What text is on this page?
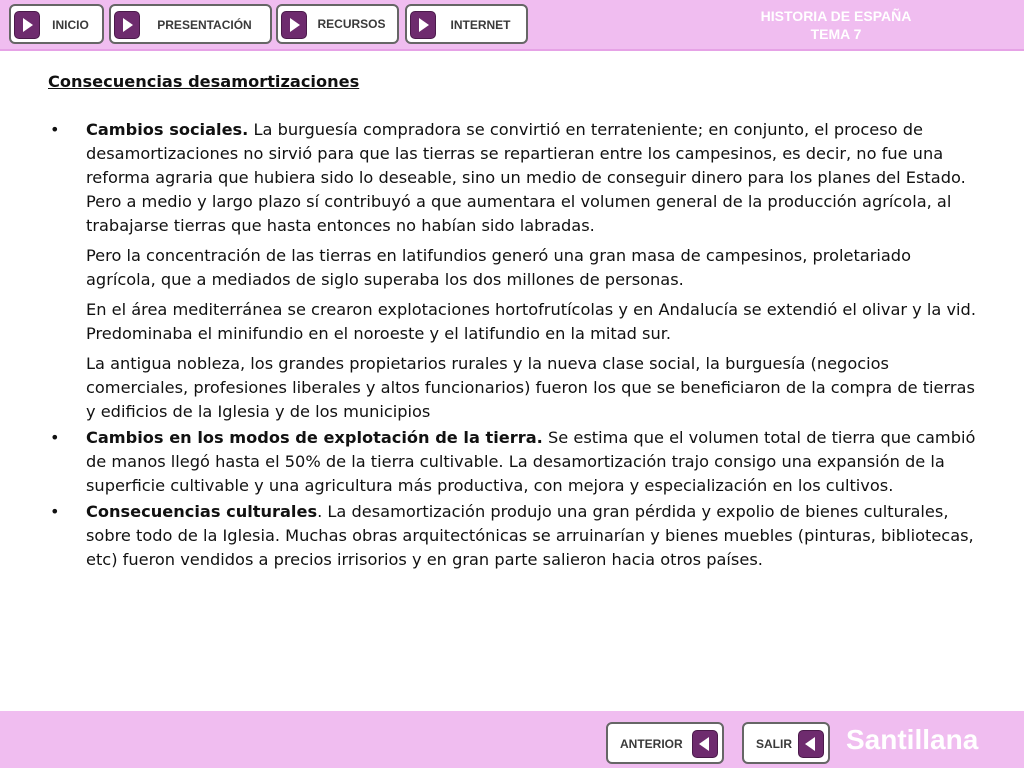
INICIO	PRESENTACIÓN	RECURSOS	INTERNET
HISTORIA DE ESPAÑA
TEMA 7
Consecuencias desamortizaciones
• Cambios sociales. La burguesía compradora se convirtió en terrateniente; en conjunto, el proceso de desamortizaciones no sirvió para que las tierras se repartieran entre los campesinos, es decir, no fue una reforma agraria que hubiera sido lo deseable, sino un medio de conseguir dinero para los planes del Estado. Pero a medio y largo plazo sí contribuyó a que aumentara el volumen general de la producción agrícola, al trabajarse tierras que hasta entonces no habían sido labradas.

Pero la concentración de las tierras en latifundios generó una gran masa de campesinos, proletariado agrícola, que a mediados de siglo superaba los dos millones de personas.

En el área mediterránea se crearon explotaciones hortofrutícolas y en Andalucía se extendió el olivar y la vid. Predominaba el minifundio en el noroeste y el latifundio en la mitad sur.

La antigua nobleza, los grandes propietarios rurales y la nueva clase social, la burguesía (negocios comerciales, profesiones liberales y altos funcionarios) fueron los que se beneficiaron de la compra de tierras y edificios de la Iglesia y de los municipios

• Cambios en los modos de explotación de la tierra. Se estima que el volumen total de tierra que cambió de manos llegó hasta el 50% de la tierra cultivable. La desamortización trajo consigo una expansión de la superficie cultivable y una agricultura más productiva, con mejora y especialización en los cultivos.

• Consecuencias culturales. La desamortización produjo una gran pérdida y expolio de bienes culturales, sobre todo de la Iglesia. Muchas obras arquitectónicas se arruinarían y bienes muebles (pinturas, bibliotecas, etc) fueron vendidos a precios irrisorios y en gran parte salieron hacia otros países.

ANTERIOR	SALIR Santillana
